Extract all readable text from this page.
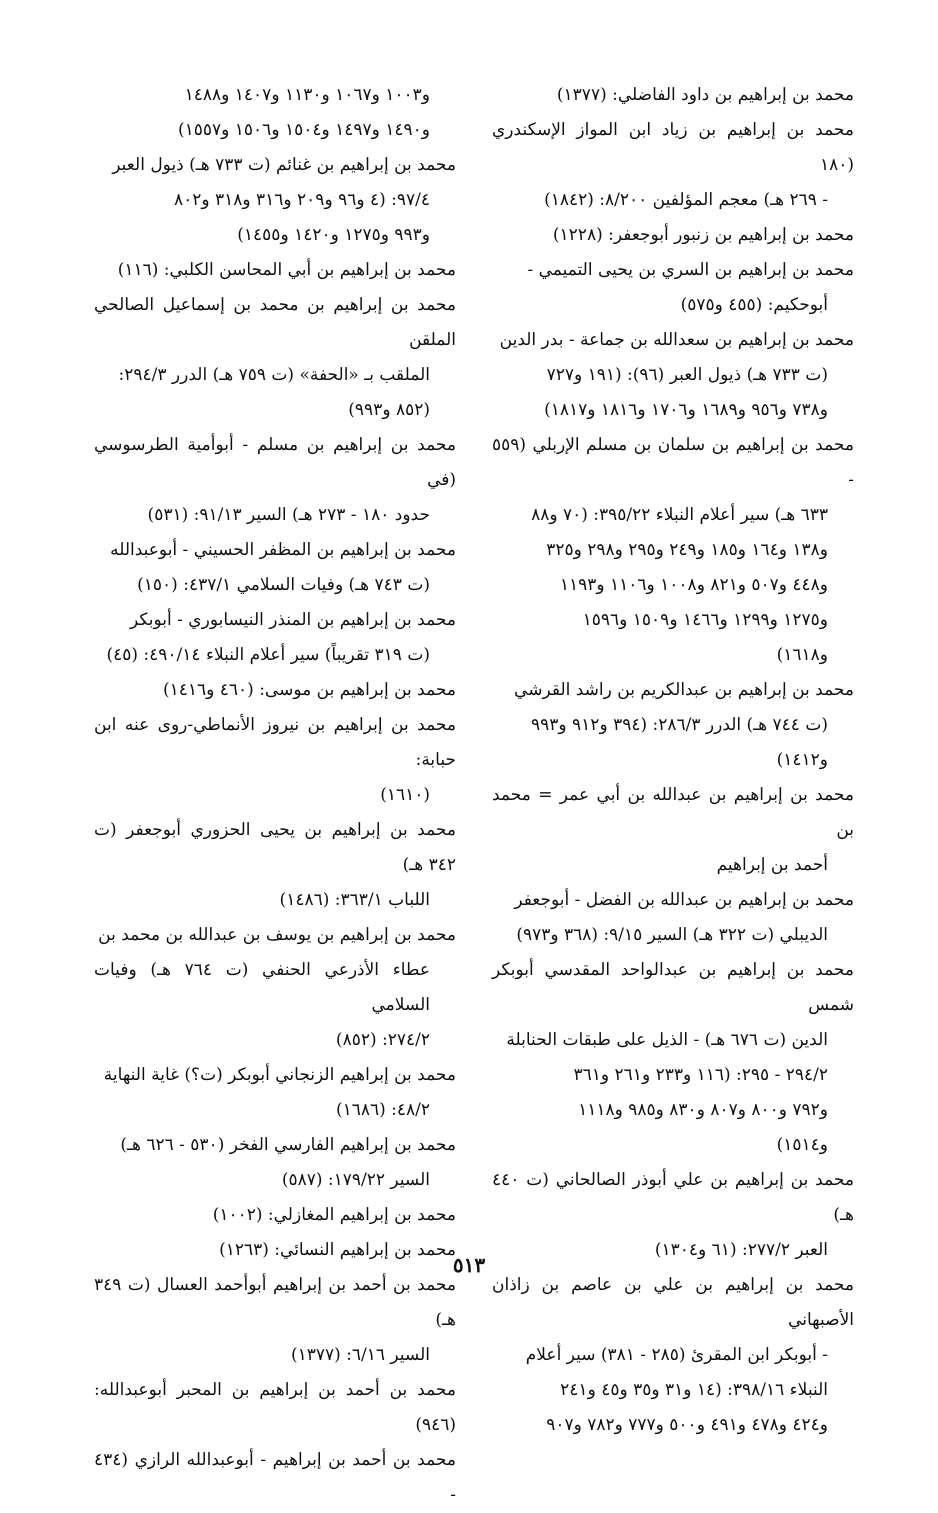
محمد بن إبراهيم بن داود الفاضلي: (١٣٧٧)
محمد بن إبراهيم بن زياد ابن المواز الإسكندري (١٨٠
- ٢٦٩ هـ) معجم المؤلفين ٨/٢٠٠: (١٨٤٢)
محمد بن إبراهيم بن زنبور أبوجعفر: (١٢٢٨)
محمد بن إبراهيم بن السري بن يحيى التميمي -
أبوحكيم: (٤٥٥ و٥٧٥)
محمد بن إبراهيم بن سعدالله بن جماعة - بدر الدين
(ت ٧٣٣ هـ) ذيول العبر (٩٦): (١٩١ و٧٢٧
و٧٣٨ و٩٥٦ و١٦٨٩ و١٧٠٦ و١٨١٦ و١٨١٧)
محمد بن إبراهيم بن سلمان بن مسلم الإربلي (٥٥٩ -
٦٣٣ هـ) سير أعلام النبلاء ٣٩٥/٢٢: (٧٠ و٨٨
و١٣٨ و١٦٤ و١٨٥ و٢٤٩ و٢٩٥ و٢٩٨ و٣٢٥
و٤٤٨ و٥٠٧ و٨٢١ و١٠٠٨ و١١٠٦ و١١٩٣
و١٢٧٥ و١٢٩٩ و١٤٦٦ و١٥٠٩ و١٥٩٦
و١٦١٨)
محمد بن إبراهيم بن عبدالكريم بن راشد القرشي
(ت ٧٤٤ هـ) الدرر ٢٨٦/٣: (٣٩٤ و٩١٢ و٩٩٣
و١٤١٢)
محمد بن إبراهيم بن عبدالله بن أبي عمر = محمد بن
أحمد بن إبراهيم
محمد بن إبراهيم بن عبدالله بن الفضل - أبوجعفر
الديبلي (ت ٣٢٢ هـ) السير ٩/١٥: (٣٦٨ و٩٧٣)
محمد بن إبراهيم بن عبدالواحد المقدسي أبوبكر شمس
الدين (ت ٦٧٦ هـ) - الذيل على طبقات الحنابلة
٢٩٤/٢ - ٢٩٥: (١١٦ و٢٣٣ و٢٦١ و٣٦١
و٧٩٢ و٨٠٠ و٨٠٧ و٨٣٠ و٩٨٥ و١١١٨
و١٥١٤)
محمد بن إبراهيم بن علي أبوذر الصالحاني (ت ٤٤٠ هـ)
العبر ٢٧٧/٢: (٦١ و١٣٠٤)
محمد بن إبراهيم بن علي بن عاصم بن زاذان الأصبهاني
- أبوبكر ابن المقرئ (٢٨٥ - ٣٨١) سير أعلام
النبلاء ٣٩٨/١٦: (١٤ و٣١ و٣٥ و٤٥ و٢٤١
و٤٢٤ و٤٧٨ و٤٩١ و٥٠٠ و٧٧٧ و٧٨٢ و٩٠٧
و١٠٠٣ و١٠٦٧ و١١٣٠ و١٤٠٧ و١٤٨٨
و١٤٩٠ و١٤٩٧ و١٥٠٤ و١٥٠٦ و١٥٥٧)
محمد بن إبراهيم بن غنائم (ت ٧٣٣ هـ) ذيول العبر
٩٧/٤: (٤ و٩٦ و٢٠٩ و٣١٦ و٣١٨ و٨٠٢
و٩٩٣ و١٢٧٥ و١٤٢٠ و١٤٥٥)
محمد بن إبراهيم بن أبي المحاسن الكلبي: (١١٦)
محمد بن إبراهيم بن محمد بن إسماعيل الصالحي الملقن
الملقب بـ «الحفة» (ت ٧٥٩ هـ) الدرر ٢٩٤/٣:
(٨٥٢ و٩٩٣)
محمد بن إبراهيم بن مسلم - أبوأمية الطرسوسي (في
حدود ١٨٠ - ٢٧٣ هـ) السير ٩١/١٣: (٥٣١)
محمد بن إبراهيم بن المظفر الحسيني - أبوعبدالله
(ت ٧٤٣ هـ) وفيات السلامي ٤٣٧/١: (١٥٠)
محمد بن إبراهيم بن المنذر النيسابوري - أبوبكر
(ت ٣١٩ تقريباً) سير أعلام النبلاء ٤٩٠/١٤: (٤٥)
محمد بن إبراهيم بن موسى: (٤٦٠ و١٤١٦)
محمد بن إبراهيم بن نيروز الأنماطي-روى عنه ابن حبابة:
(١٦١٠)
محمد بن إبراهيم بن يحيى الحزوري أبوجعفر (ت ٣٤٢ هـ)
اللباب ٣٦٣/١: (١٤٨٦)
محمد بن إبراهيم بن يوسف بن عبدالله بن محمد بن
عطاء الأذرعي الحنفي (ت ٧٦٤ هـ) وفيات السلامي
٢٧٤/٢: (٨٥٢)
محمد بن إبراهيم الزنجاني أبوبكر (ت؟) غاية النهاية
٤٨/٢: (١٦٨٦)
محمد بن إبراهيم الفارسي الفخر (٥٣٠ - ٦٢٦ هـ)
السير ١٧٩/٢٢: (٥٨٧)
محمد بن إبراهيم المغازلي: (١٠٠٢)
محمد بن إبراهيم النسائي: (١٢٦٣)
محمد بن أحمد بن إبراهيم أبوأحمد العسال (ت ٣٤٩ هـ)
السير ٦/١٦: (١٣٧٧)
محمد بن أحمد بن إبراهيم بن المحبر أبوعبدالله: (٩٤٦)
محمد بن أحمد بن إبراهيم - أبوعبدالله الرازي (٤٣٤ -
٥١٣
